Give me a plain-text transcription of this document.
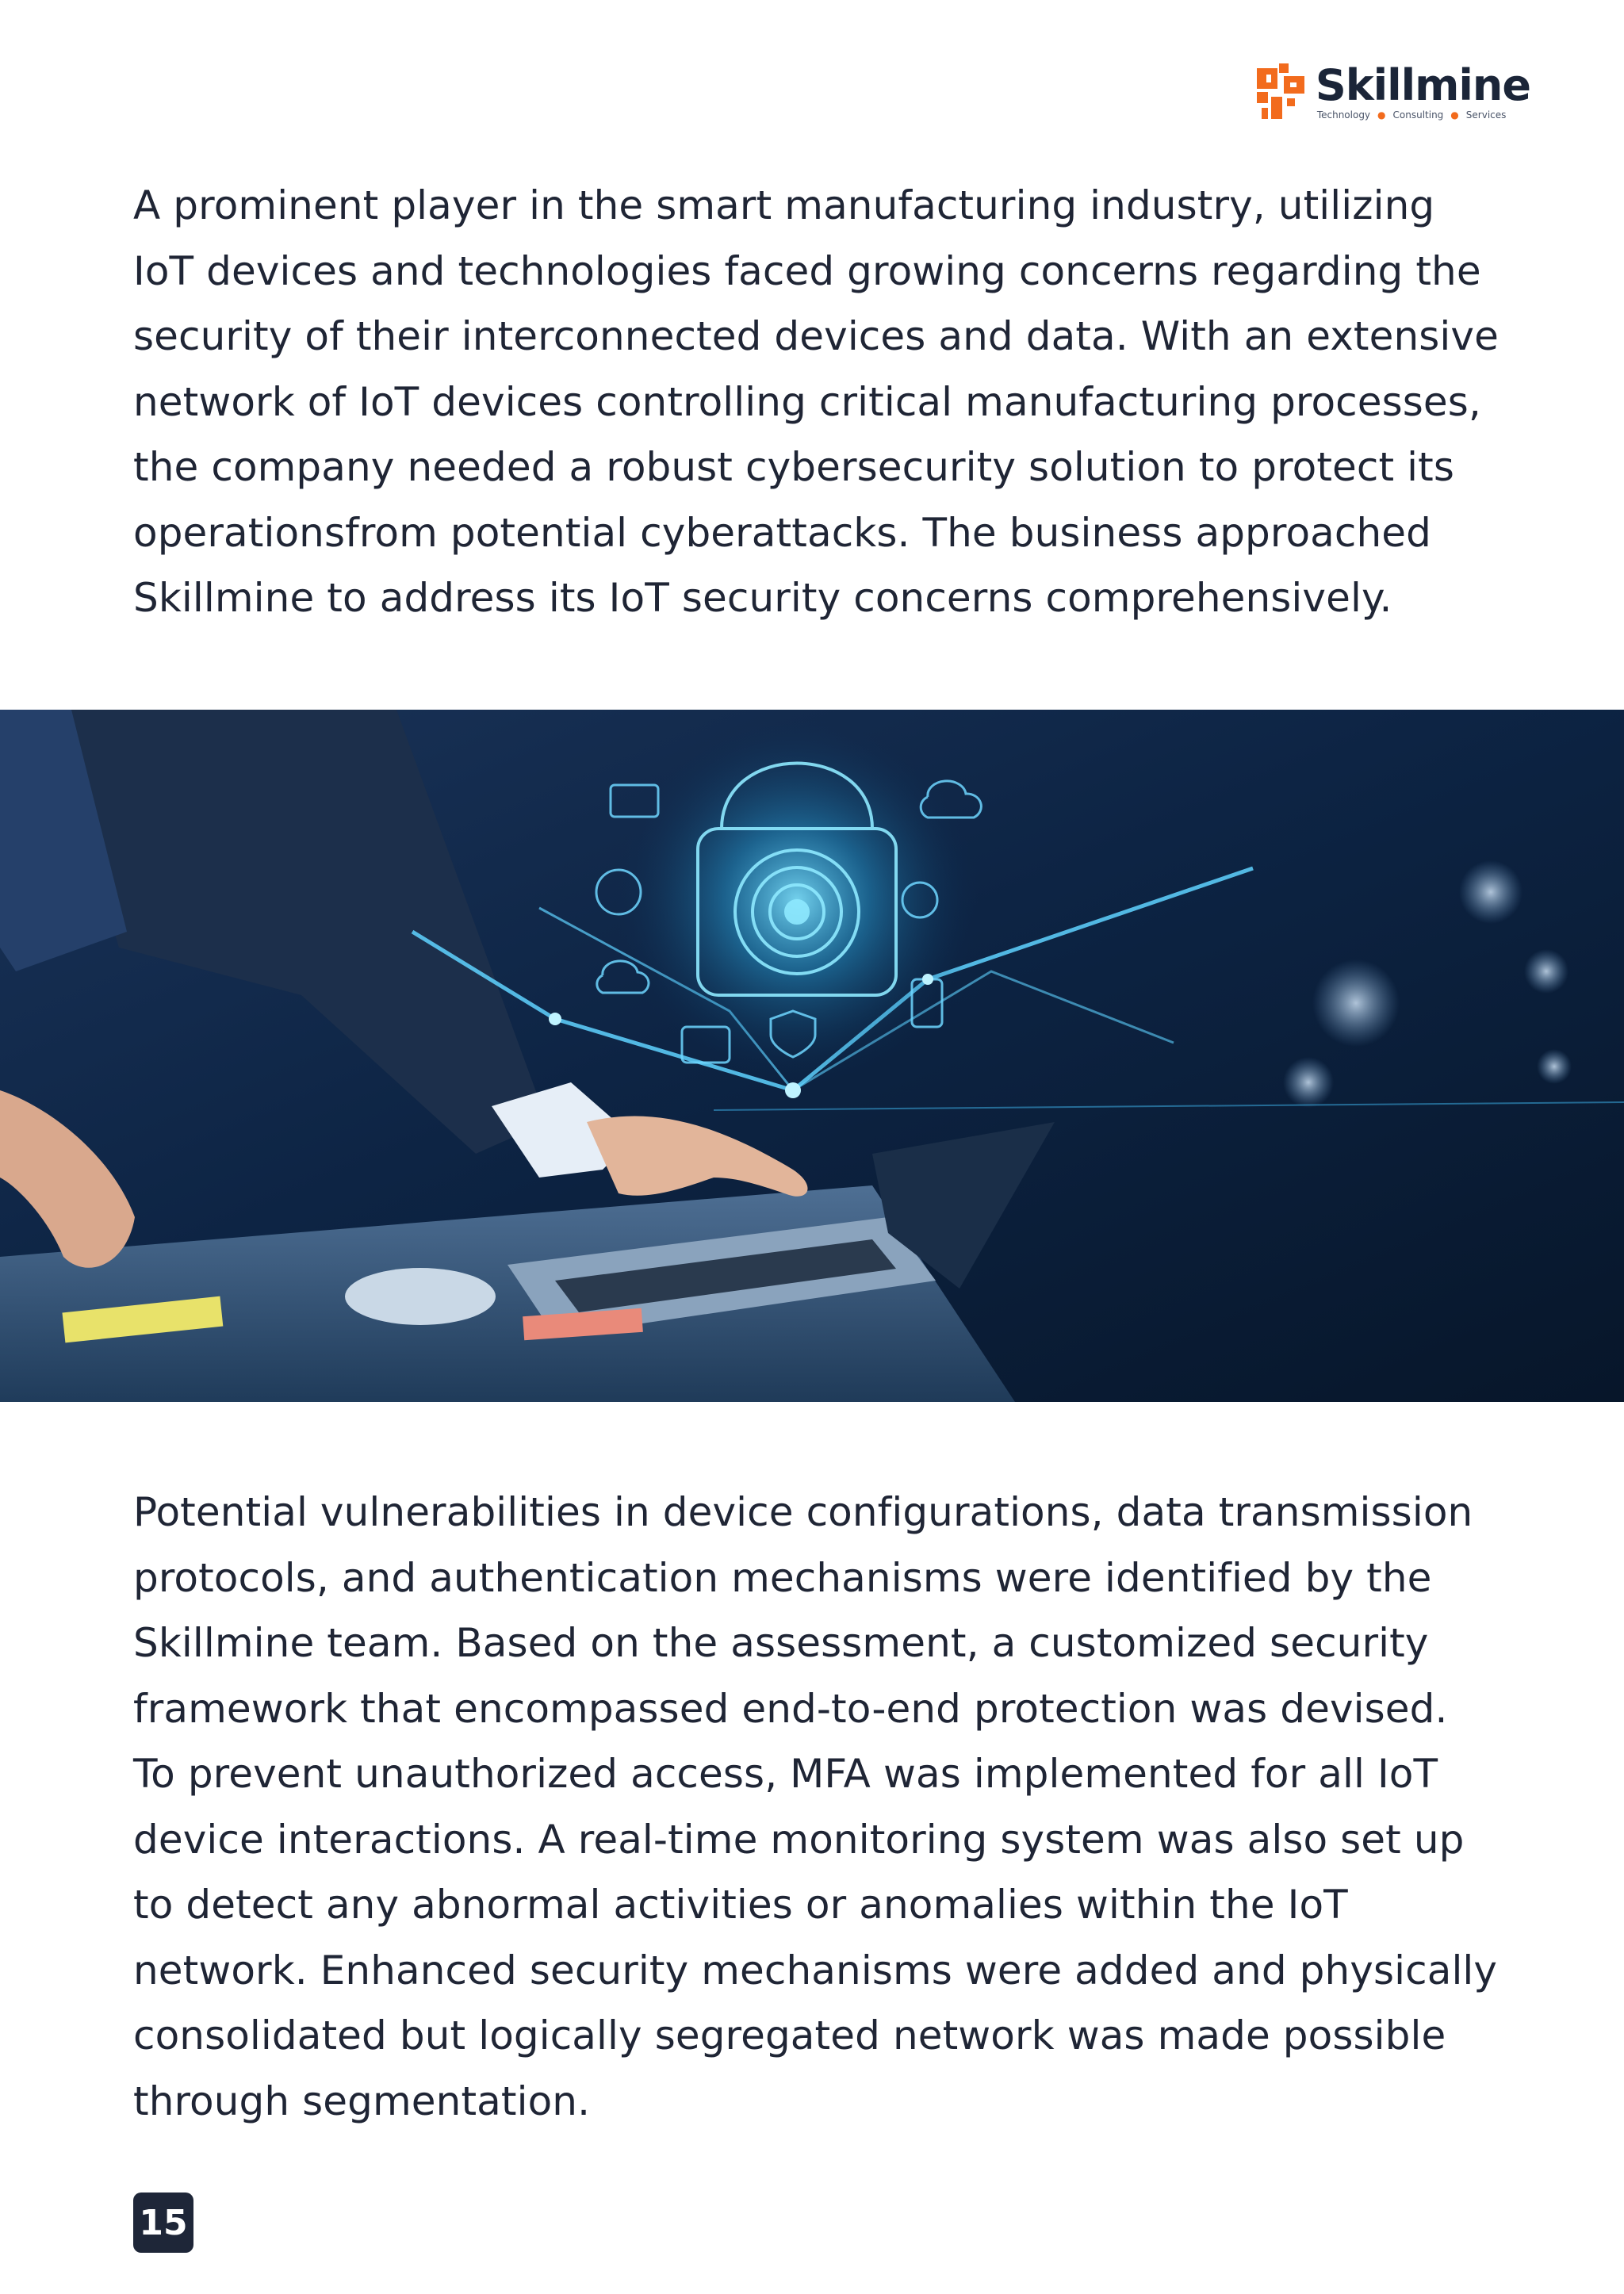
Skillmine
Technology ● Consulting ● Services

A prominent player in the smart manufacturing industry, utilizing
IoT devices and technologies faced growing concerns regarding the
security of their interconnected devices and data. With an extensive
network of IoT devices controlling critical manufacturing processes,
the company needed a robust cybersecurity solution to protect its
operationsfrom potential cyberattacks. The business approached
Skillmine to address its IoT security concerns comprehensively.

Potential vulnerabilities in device configurations, data transmission
protocols, and authentication mechanisms were identified by the
Skillmine team. Based on the assessment, a customized security
framework that encompassed end-to-end protection was devised.
To prevent unauthorized access, MFA was implemented for all IoT
device interactions. A real-time monitoring system was also set up
to detect any abnormal activities or anomalies within the IoT
network. Enhanced security mechanisms were added and physically
consolidated but logically segregated network was made possible
through segmentation.

15
